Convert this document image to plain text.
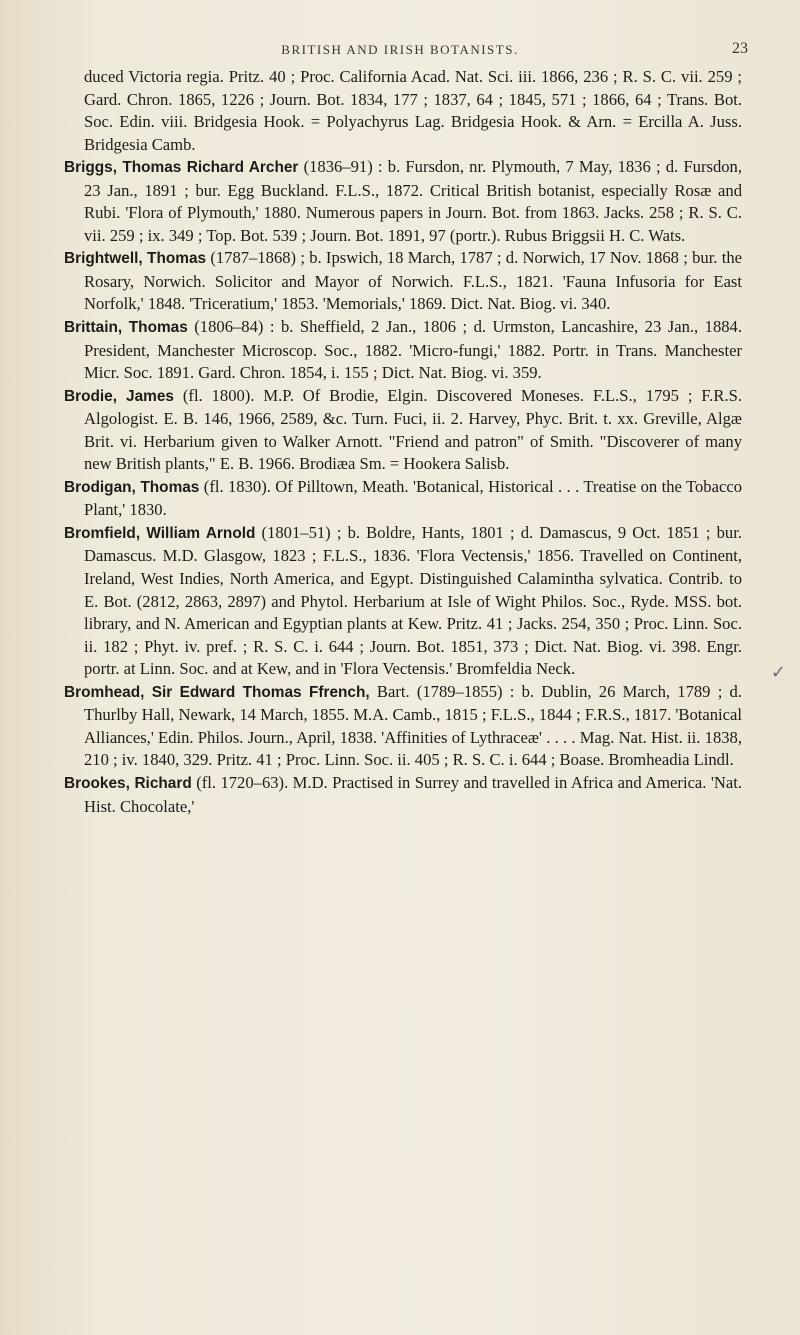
BRITISH AND IRISH BOTANISTS.	23
✓

duced Victoria regia. Pritz. 40 ; Proc. California Acad. Nat. Sci. iii. 1866, 236 ; R. S. C. vii. 259 ; Gard. Chron. 1865, 1226 ; Journ. Bot. 1834, 177 ; 1837, 64 ; 1845, 571 ; 1866, 64 ; Trans. Bot. Soc. Edin. viii. Bridgesia Hook. = Polyachyrus Lag. Bridgesia Hook. & Arn. = Ercilla A. Juss. Bridgesia Camb.

Briggs, Thomas Richard Archer (1836–91) : b. Fursdon, nr. Plymouth, 7 May, 1836 ; d. Fursdon, 23 Jan., 1891 ; bur. Egg Buckland. F.L.S., 1872. Critical British botanist, especially Rosæ and Rubi. 'Flora of Plymouth,' 1880. Numerous papers in Journ. Bot. from 1863. Jacks. 258 ; R. S. C. vii. 259 ; ix. 349 ; Top. Bot. 539 ; Journ. Bot. 1891, 97 (portr.). Rubus Briggsii H. C. Wats.

Brightwell, Thomas (1787–1868) ; b. Ipswich, 18 March, 1787 ; d. Norwich, 17 Nov. 1868 ; bur. the Rosary, Norwich. Solicitor and Mayor of Norwich. F.L.S., 1821. 'Fauna Infusoria for East Norfolk,' 1848. 'Triceratium,' 1853. 'Memorials,' 1869. Dict. Nat. Biog. vi. 340.

Brittain, Thomas (1806–84) : b. Sheffield, 2 Jan., 1806 ; d. Urmston, Lancashire, 23 Jan., 1884. President, Manchester Microscop. Soc., 1882. 'Micro-fungi,' 1882. Portr. in Trans. Manchester Micr. Soc. 1891. Gard. Chron. 1854, i. 155 ; Dict. Nat. Biog. vi. 359.

Brodie, James (fl. 1800). M.P. Of Brodie, Elgin. Discovered Moneses. F.L.S., 1795 ; F.R.S. Algologist. E. B. 146, 1966, 2589, &c. Turn. Fuci, ii. 2. Harvey, Phyc. Brit. t. xx. Greville, Algæ Brit. vi. Herbarium given to Walker Arnott. "Friend and patron" of Smith. "Discoverer of many new British plants," E. B. 1966. Brodiæa Sm. = Hookera Salisb.

Brodigan, Thomas (fl. 1830). Of Pilltown, Meath. 'Botanical, Historical . . . Treatise on the Tobacco Plant,' 1830.

Bromfield, William Arnold (1801–51) ; b. Boldre, Hants, 1801 ; d. Damascus, 9 Oct. 1851 ; bur. Damascus. M.D. Glasgow, 1823 ; F.L.S., 1836. 'Flora Vectensis,' 1856. Travelled on Continent, Ireland, West Indies, North America, and Egypt. Distinguished Calamintha sylvatica. Contrib. to E. Bot. (2812, 2863, 2897) and Phytol. Herbarium at Isle of Wight Philos. Soc., Ryde. MSS. bot. library, and N. American and Egyptian plants at Kew. Pritz. 41 ; Jacks. 254, 350 ; Proc. Linn. Soc. ii. 182 ; Phyt. iv. pref. ; R. S. C. i. 644 ; Journ. Bot. 1851, 373 ; Dict. Nat. Biog. vi. 398. Engr. portr. at Linn. Soc. and at Kew, and in 'Flora Vectensis.' Bromfeldia Neck.

Bromhead, Sir Edward Thomas Ffrench, Bart. (1789–1855) : b. Dublin, 26 March, 1789 ; d. Thurlby Hall, Newark, 14 March, 1855. M.A. Camb., 1815 ; F.L.S., 1844 ; F.R.S., 1817. 'Botanical Alliances,' Edin. Philos. Journ., April, 1838. 'Affinities of Lythraceæ' . . . . Mag. Nat. Hist. ii. 1838, 210 ; iv. 1840, 329. Pritz. 41 ; Proc. Linn. Soc. ii. 405 ; R. S. C. i. 644 ; Boase. Bromheadia Lindl.

Brookes, Richard (fl. 1720–63). M.D. Practised in Surrey and travelled in Africa and America. 'Nat. Hist. Chocolate,'
